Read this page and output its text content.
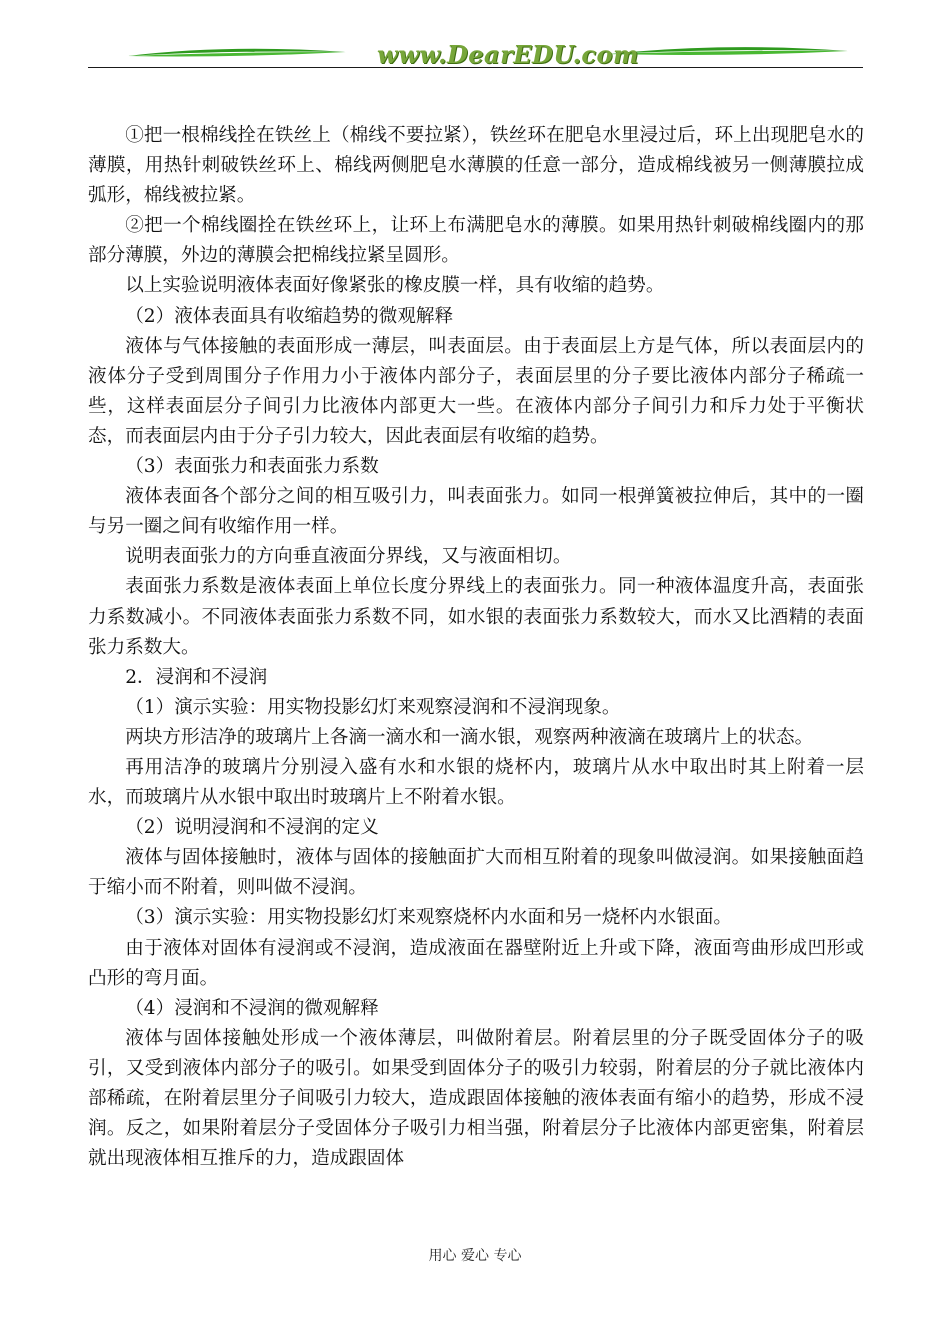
www.DearEDU.com

①把一根棉线拴在铁丝上（棉线不要拉紧），铁丝环在肥皂水里浸过后，环上出现肥皂水的薄膜，用热针刺破铁丝环上、棉线两侧肥皂水薄膜的任意一部分，造成棉线被另一侧薄膜拉成弧形，棉线被拉紧。

②把一个棉线圈拴在铁丝环上，让环上布满肥皂水的薄膜。如果用热针刺破棉线圈内的那部分薄膜，外边的薄膜会把棉线拉紧呈圆形。

以上实验说明液体表面好像紧张的橡皮膜一样，具有收缩的趋势。

（2）液体表面具有收缩趋势的微观解释

液体与气体接触的表面形成一薄层，叫表面层。由于表面层上方是气体，所以表面层内的液体分子受到周围分子作用力小于液体内部分子，表面层里的分子要比液体内部分子稀疏一些，这样表面层分子间引力比液体内部更大一些。在液体内部分子间引力和斥力处于平衡状态，而表面层内由于分子引力较大，因此表面层有收缩的趋势。

（3）表面张力和表面张力系数

液体表面各个部分之间的相互吸引力，叫表面张力。如同一根弹簧被拉伸后，其中的一圈与另一圈之间有收缩作用一样。

说明表面张力的方向垂直液面分界线，又与液面相切。

表面张力系数是液体表面上单位长度分界线上的表面张力。同一种液体温度升高，表面张力系数减小。不同液体表面张力系数不同，如水银的表面张力系数较大，而水又比酒精的表面张力系数大。

2．浸润和不浸润

（1）演示实验：用实物投影幻灯来观察浸润和不浸润现象。

两块方形洁净的玻璃片上各滴一滴水和一滴水银，观察两种液滴在玻璃片上的状态。

再用洁净的玻璃片分别浸入盛有水和水银的烧杯内，玻璃片从水中取出时其上附着一层水，而玻璃片从水银中取出时玻璃片上不附着水银。

（2）说明浸润和不浸润的定义

液体与固体接触时，液体与固体的接触面扩大而相互附着的现象叫做浸润。如果接触面趋于缩小而不附着，则叫做不浸润。

（3）演示实验：用实物投影幻灯来观察烧杯内水面和另一烧杯内水银面。

由于液体对固体有浸润或不浸润，造成液面在器壁附近上升或下降，液面弯曲形成凹形或凸形的弯月面。

（4）浸润和不浸润的微观解释

液体与固体接触处形成一个液体薄层，叫做附着层。附着层里的分子既受固体分子的吸引，又受到液体内部分子的吸引。如果受到固体分子的吸引力较弱，附着层的分子就比液体内部稀疏，在附着层里分子间吸引力较大，造成跟固体接触的液体表面有缩小的趋势，形成不浸润。反之，如果附着层分子受固体分子吸引力相当强，附着层分子比液体内部更密集，附着层就出现液体相互推斥的力，造成跟固体

用心 爱心 专心
